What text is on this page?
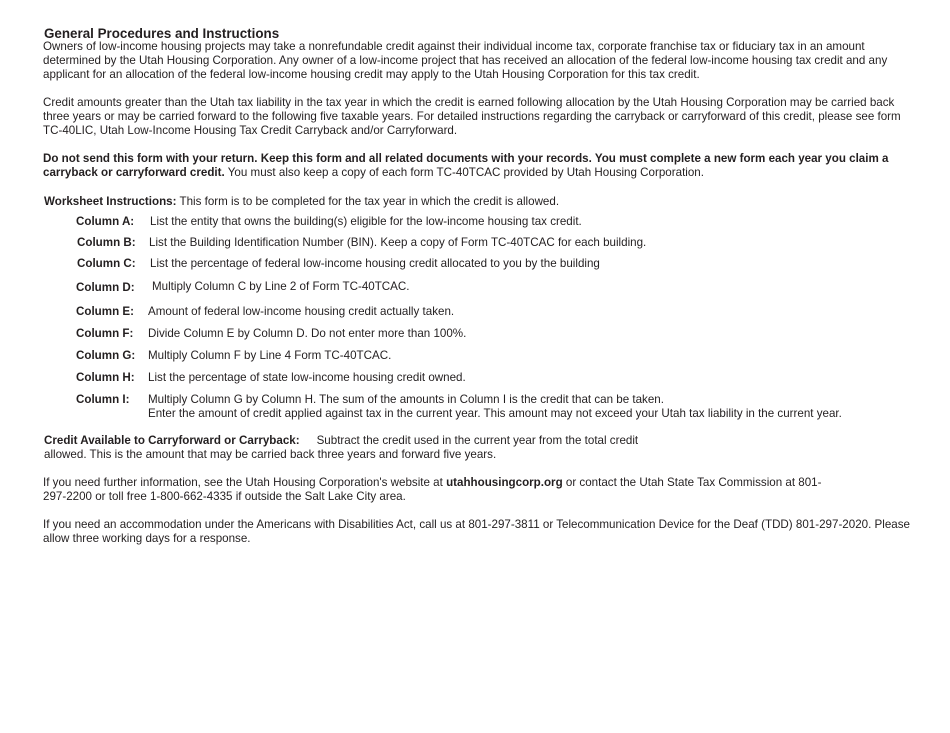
General Procedures and Instructions

Owners of low-income housing projects may take a nonrefundable credit against their individual income tax, corporate franchise tax or fiduciary tax in an amount determined by the Utah Housing Corporation. Any owner of a low-income project that has received an allocation of the federal low-income housing tax credit and any applicant for an allocation of the federal low-income housing credit may apply to the Utah Housing Corporation for this tax credit.

Credit amounts greater than the Utah tax liability in the tax year in which the credit is earned following allocation by the Utah Housing Corporation may be carried back three years or may be carried forward to the following five taxable years. For detailed instructions regarding the carryback or carryforward of this credit, please see form TC-40LIC, Utah Low-Income Housing Tax Credit Carryback and/or Carryforward.

Do not send this form with your return. Keep this form and all related documents with your records. You must complete a new form each year you claim a carryback or carryforward credit. You must also keep a copy of each form TC-40TCAC provided by Utah Housing Corporation.

Worksheet Instructions: This form is to be completed for the tax year in which the credit is allowed.

Column A: List the entity that owns the building(s) eligible for the low-income housing tax credit.
Column B: List the Building Identification Number (BIN). Keep a copy of Form TC-40TCAC for each building.
Column C: List the percentage of federal low-income housing credit allocated to you by the building
Column D: Multiply Column C by Line 2 of Form TC-40TCAC.
Column E: Amount of federal low-income housing credit actually taken.
Column F: Divide Column E by Column D. Do not enter more than 100%.
Column G: Multiply Column F by Line 4 Form TC-40TCAC.
Column H: List the percentage of state low-income housing credit owned.
Column I: Multiply Column G by Column H. The sum of the amounts in Column I is the credit that can be taken.
Enter the amount of credit applied against tax in the current year. This amount may not exceed your Utah tax liability in the current year.
Credit Available to Carryforward or Carryback: Subtract the credit used in the current year from the total credit
allowed. This is the amount that may be carried back three years and forward five years.

If you need further information, see the Utah Housing Corporation's website at utahhousingcorp.org or contact the Utah State Tax Commission at 801-297-2200 or toll free 1-800-662-4335 if outside the Salt Lake City area.

If you need an accommodation under the Americans with Disabilities Act, call us at 801-297-3811 or Telecommunication Device for the Deaf (TDD) 801-297-2020. Please allow three working days for a response.
